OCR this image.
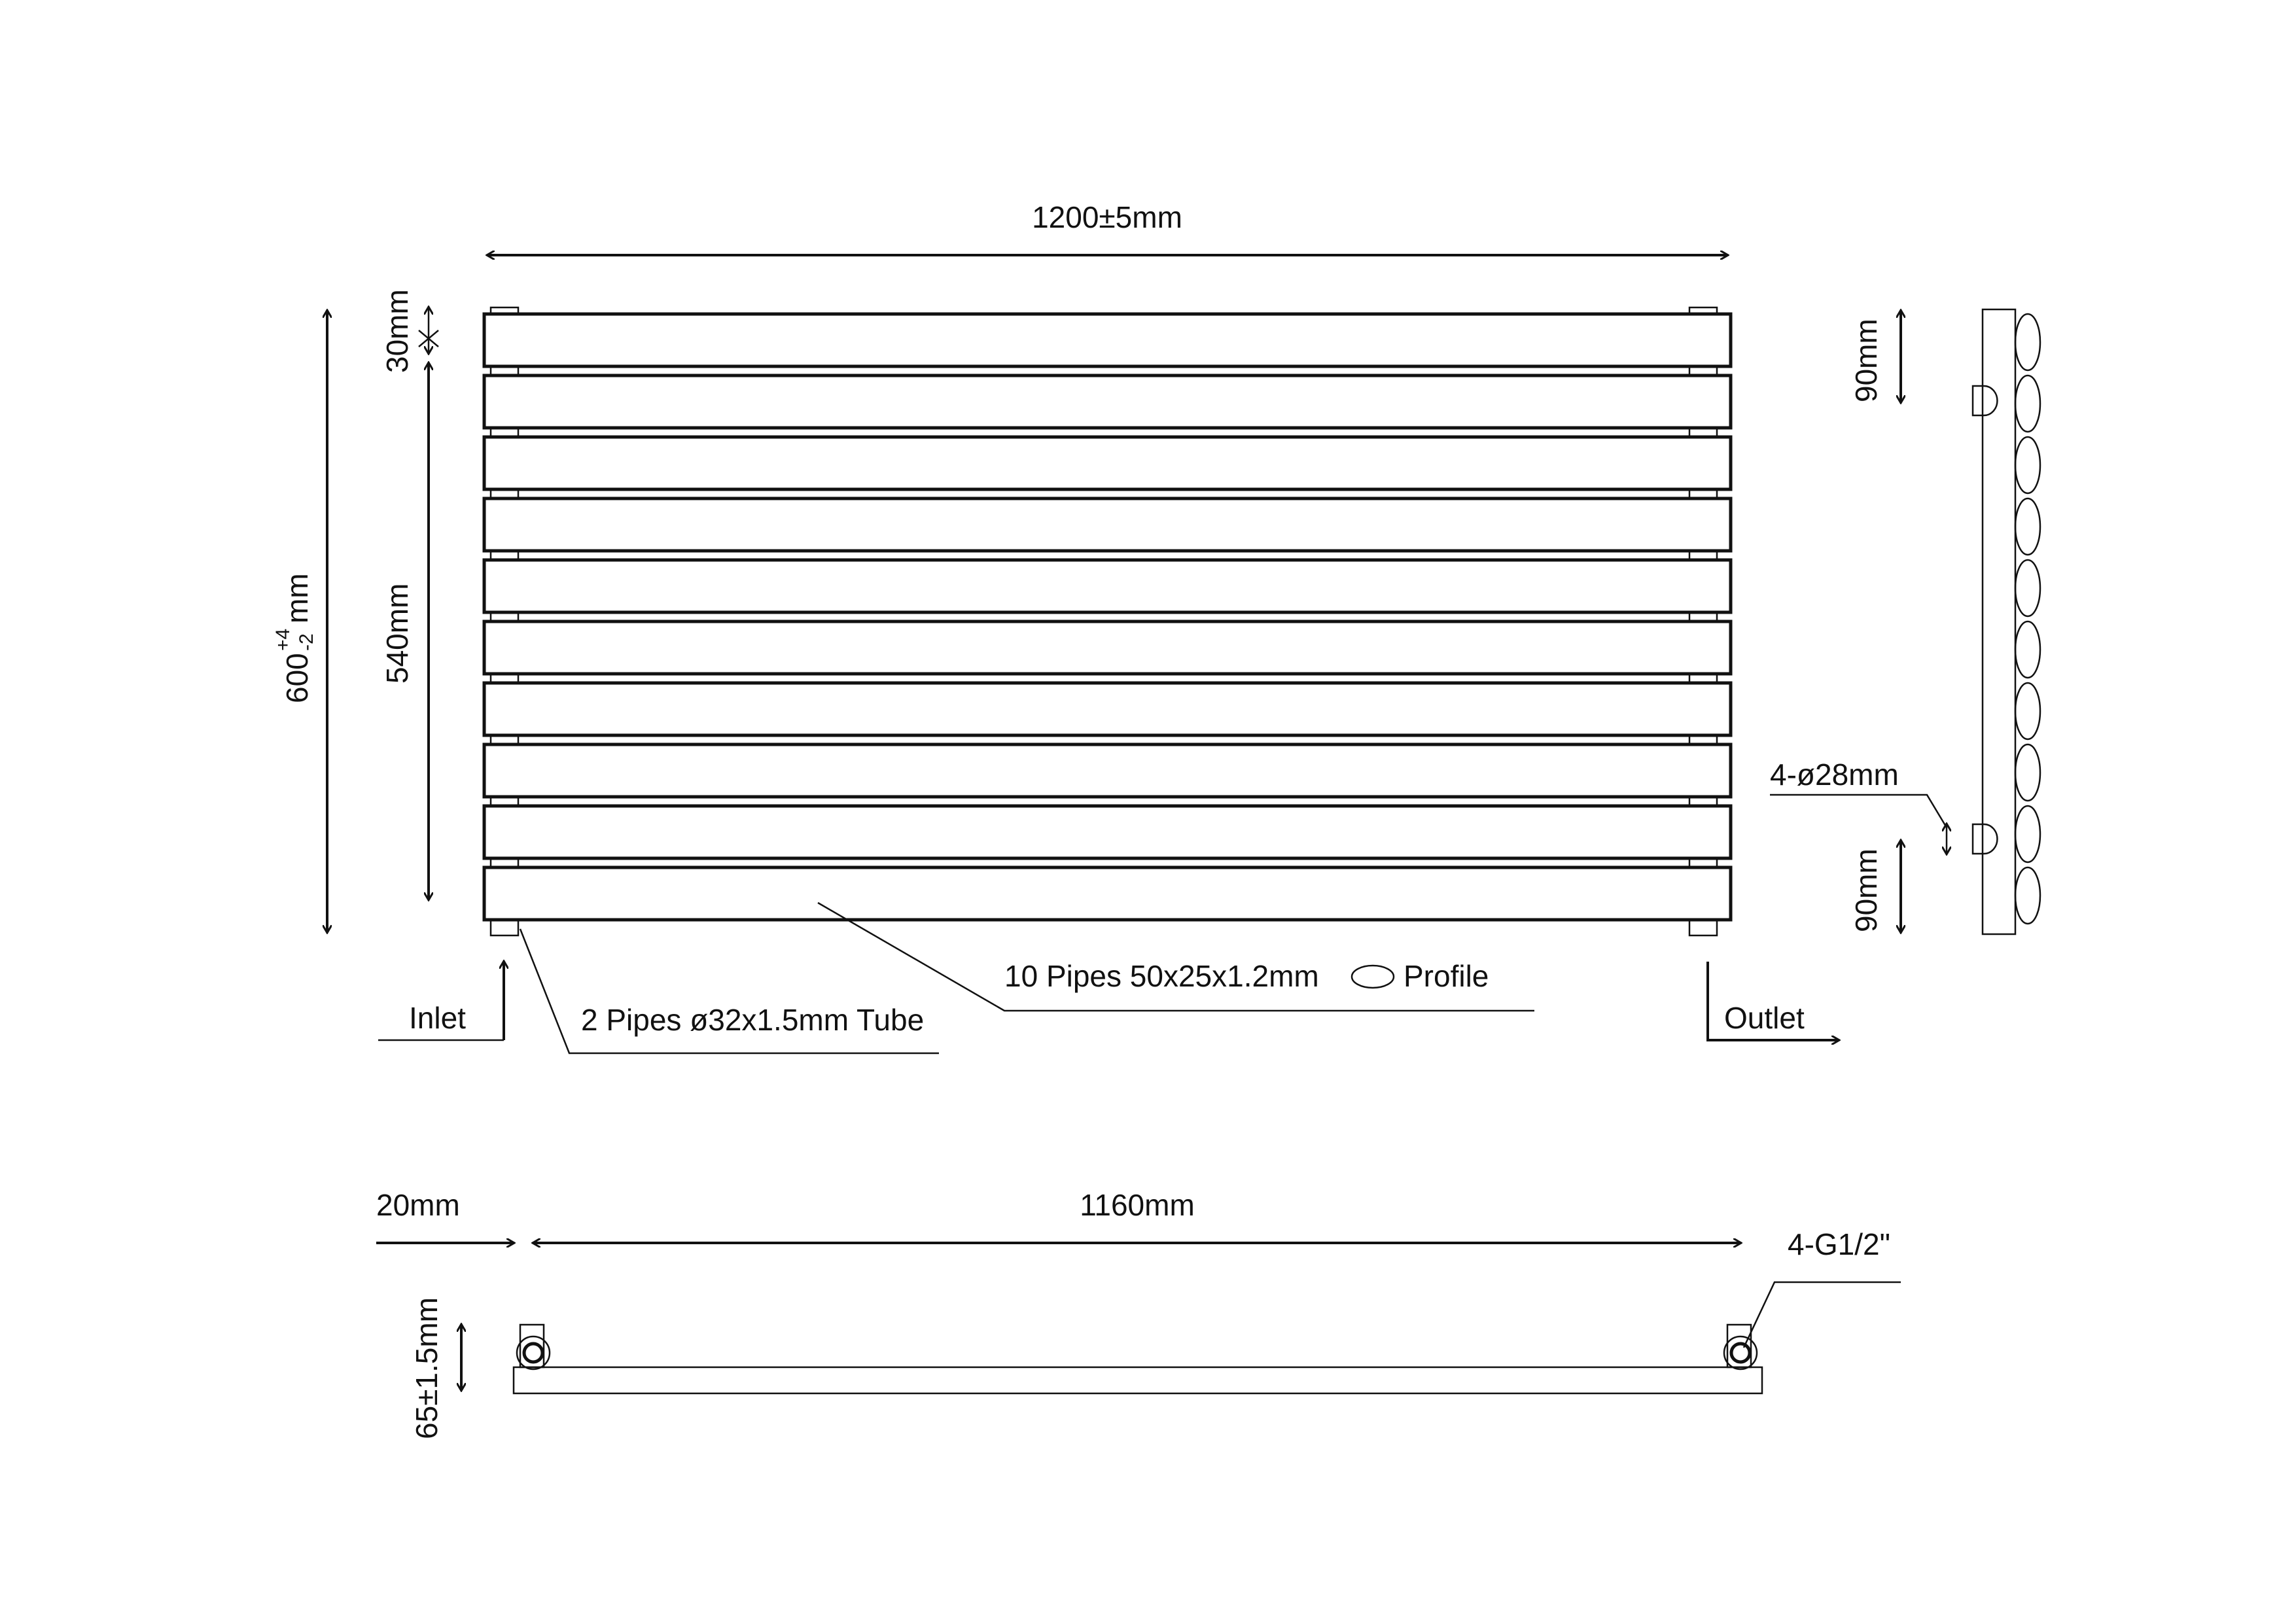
1200±5mm
600
+4 -2
mm
30mm
540mm
Inlet	Outlet
2 Pipes ø32x1.5mm Tube
10 Pipes 50x25x1.2mm	Profile
90mm
90mm
4-ø28mm
20mm	1160mm
65±1.5mm
4-G1/2"
